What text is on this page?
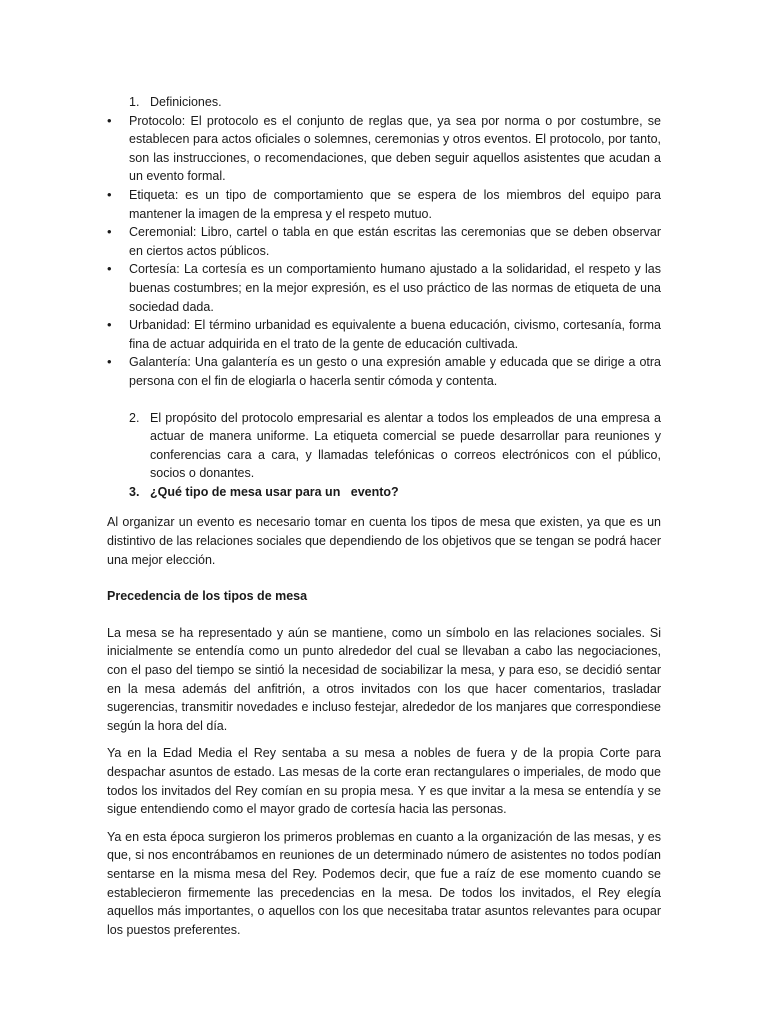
1. Definiciones.
• Protocolo: El protocolo es el conjunto de reglas que, ya sea por norma o por costumbre, se establecen para actos oficiales o solemnes, ceremonias y otros eventos. El protocolo, por tanto, son las instrucciones, o recomendaciones, que deben seguir aquellos asistentes que acudan a un evento formal.
• Etiqueta: es un tipo de comportamiento que se espera de los miembros del equipo para mantener la imagen de la empresa y el respeto mutuo.
• Ceremonial: Libro, cartel o tabla en que están escritas las ceremonias que se deben observar en ciertos actos públicos.
• Cortesía: La cortesía es un comportamiento humano ajustado a la solidaridad, el respeto y las buenas costumbres; en la mejor expresión, es el uso práctico de las normas de etiqueta de una sociedad dada.
• Urbanidad: El término urbanidad es equivalente a buena educación, civismo, cortesanía, forma fina de actuar adquirida en el trato de la gente de educación cultivada.
• Galantería: Una galantería es un gesto o una expresión amable y educada que se dirige a otra persona con el fin de elogiarla o hacerla sentir cómoda y contenta.
2. El propósito del protocolo empresarial es alentar a todos los empleados de una empresa a actuar de manera uniforme. La etiqueta comercial se puede desarrollar para reuniones y conferencias cara a cara, y llamadas telefónicas o correos electrónicos con el público, socios o donantes.
3. ¿Qué tipo de mesa usar para un   evento?

Al organizar un evento es necesario tomar en cuenta los tipos de mesa que existen, ya que es un distintivo de las relaciones sociales que dependiendo de los objetivos que se tengan se podrá hacer una mejor elección.

Precedencia de los tipos de mesa

La mesa se ha representado y aún se mantiene, como un símbolo en las relaciones sociales. Si inicialmente se entendía como un punto alrededor del cual se llevaban a cabo las negociaciones, con el paso del tiempo se sintió la necesidad de sociabilizar la mesa, y para eso, se decidió sentar en la mesa además del anfitrión, a otros invitados con los que hacer comentarios, trasladar sugerencias, transmitir novedades e incluso festejar, alrededor de los manjares que correspondiese según la hora del día.

Ya en la Edad Media el Rey sentaba a su mesa a nobles de fuera y de la propia Corte para despachar asuntos de estado. Las mesas de la corte eran rectangulares o imperiales, de modo que todos los invitados del Rey comían en su propia mesa. Y es que invitar a la mesa se entendía y se sigue entendiendo como el mayor grado de cortesía hacia las personas.

Ya en esta época surgieron los primeros problemas en cuanto a la organización de las mesas, y es que, si nos encontrábamos en reuniones de un determinado número de asistentes no todos podían sentarse en la misma mesa del Rey. Podemos decir, que fue a raíz de ese momento cuando se establecieron firmemente las precedencias en la mesa. De todos los invitados, el Rey elegía aquellos más importantes, o aquellos con los que necesitaba tratar asuntos relevantes para ocupar los puestos preferentes.
